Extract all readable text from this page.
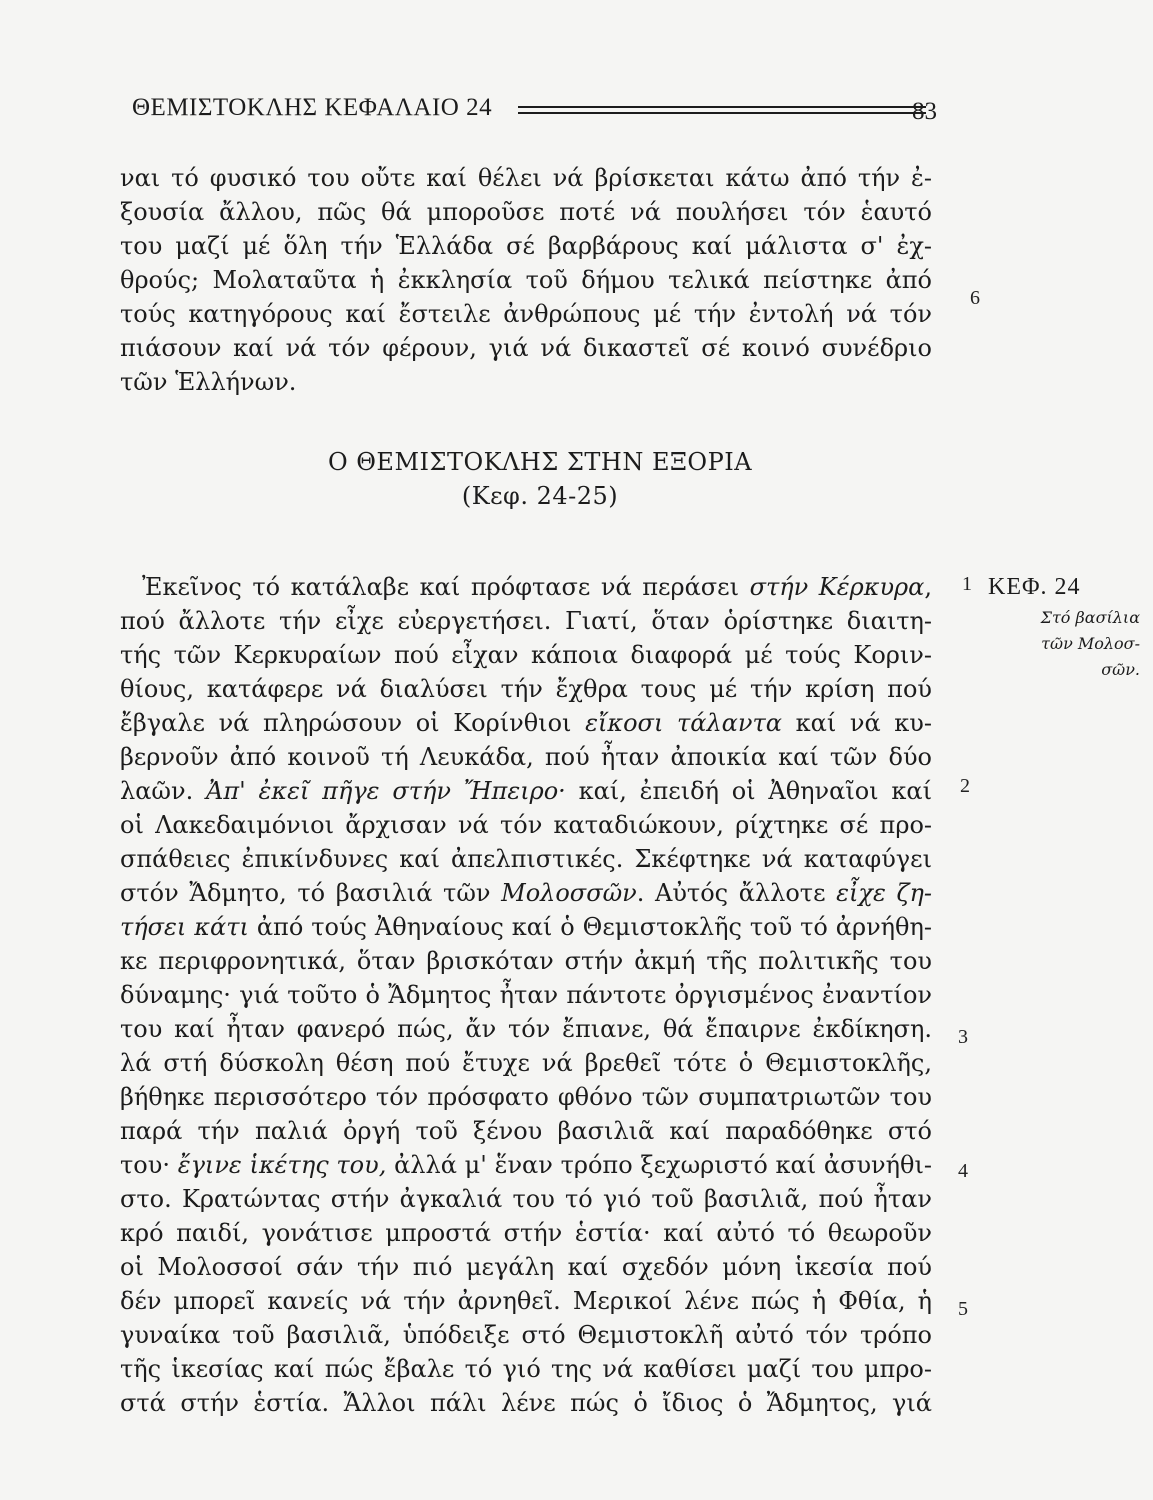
ΘΕΜΙΣΤΟΚΛΗΣ ΚΕΦΑΛΑΙΟ 24	83
ναι τό φυσικό του οὔτε καί θέλει νά βρίσκεται κάτω ἀπό τήν ἐ-
ξουσία ἄλλου, πῶς θά μποροῦσε ποτέ νά πουλήσει τόν ἑαυτό
του μαζί μέ ὅλη τήν Ἑλλάδα σέ βαρβάρους καί μάλιστα σ' ἐχ-
θρούς; Μολαταῦτα ἡ ἐκκλησία τοῦ δήμου τελικά πείστηκε ἀπό
τούς κατηγόρους καί ἔστειλε ἀνθρώπους μέ τήν ἐντολή νά τόν
πιάσουν καί νά τόν φέρουν, γιά νά δικαστεῖ σέ κοινό συνέδριο
τῶν Ἑλλήνων.
Ο ΘΕΜΙΣΤΟΚΛΗΣ ΣΤΗΝ ΕΞΟΡΙΑ
(Κεφ. 24-25)
Ἐκεῖνος τό κατάλαβε καί πρόφτασε νά περάσει στήν Κέρκυρα,
πού ἄλλοτε τήν εἶχε εὐεργετήσει. Γιατί, ὅταν ὁρίστηκε διαιτη-
τής τῶν Κερκυραίων πού εἶχαν κάποια διαφορά μέ τούς Κοριν-
θίους, κατάφερε νά διαλύσει τήν ἔχθρα τους μέ τήν κρίση πού
ἔβγαλε νά πληρώσουν οἱ Κορίνθιοι εἴκοσι τάλαντα καί νά κυ-
βερνοῦν ἀπό κοινοῦ τή Λευκάδα, πού ἦταν ἀποικία καί τῶν δύο
λαῶν. Ἀπ' ἐκεῖ πῆγε στήν Ἤπειρο· καί, ἐπειδή οἱ Ἀθηναῖοι καί
οἱ Λακεδαιμόνιοι ἄρχισαν νά τόν καταδιώκουν, ρίχτηκε σέ προ-
σπάθειες ἐπικίνδυνες καί ἀπελπιστικές. Σκέφτηκε νά καταφύγει
στόν Ἄδμητο, τό βασιλιά τῶν Μολοσσῶν. Αὐτός ἄλλοτε εἶχε ζη-
τήσει κάτι ἀπό τούς Ἀθηναίους καί ὁ Θεμιστοκλῆς τοῦ τό ἀρνήθη-
κε περιφρονητικά, ὅταν βρισκόταν στήν ἀκμή τῆς πολιτικῆς του
δύναμης· γιά τοῦτο ὁ Ἄδμητος ἦταν πάντοτε ὀργισμένος ἐναντίον
του καί ἦταν φανερό πώς, ἄν τόν ἔπιανε, θά ἔπαιρνε ἐκδίκηση.
λά στή δύσκολη θέση πού ἔτυχε νά βρεθεῖ τότε ὁ Θεμιστοκλῆς,
βήθηκε περισσότερο τόν πρόσφατο φθόνο τῶν συμπατριωτῶν του
παρά τήν παλιά ὀργή τοῦ ξένου βασιλιᾶ καί παραδόθηκε στό
του· ἔγινε ἱκέτης του, ἀλλά μ' ἕναν τρόπο ξεχωριστό καί ἀσυνήθι-
στο. Κρατώντας στήν ἀγκαλιά του τό γιό τοῦ βασιλιᾶ, πού ἦταν
κρό παιδί, γονάτισε μπροστά στήν ἑστία· καί αὐτό τό θεωροῦν
οἱ Μολοσσοί σάν τήν πιό μεγάλη καί σχεδόν μόνη ἱκεσία πού
δέν μπορεῖ κανείς νά τήν ἀρνηθεῖ. Μερικοί λένε πώς ἡ Φθία, ἡ
γυναίκα τοῦ βασιλιᾶ, ὑπόδειξε στό Θεμιστοκλῆ αὐτό τόν τρόπο
τῆς ἱκεσίας καί πώς ἔβαλε τό γιό της νά καθίσει μαζί του μπρο-
στά στήν ἑστία. Ἄλλοι πάλι λένε πώς ὁ ἴδιος ὁ Ἄδμητος, γιά
6
1
2
3
4
5
ΚΕΦ. 24
Στό βασίλια
τῶν Μολοσ-
σῶν.
